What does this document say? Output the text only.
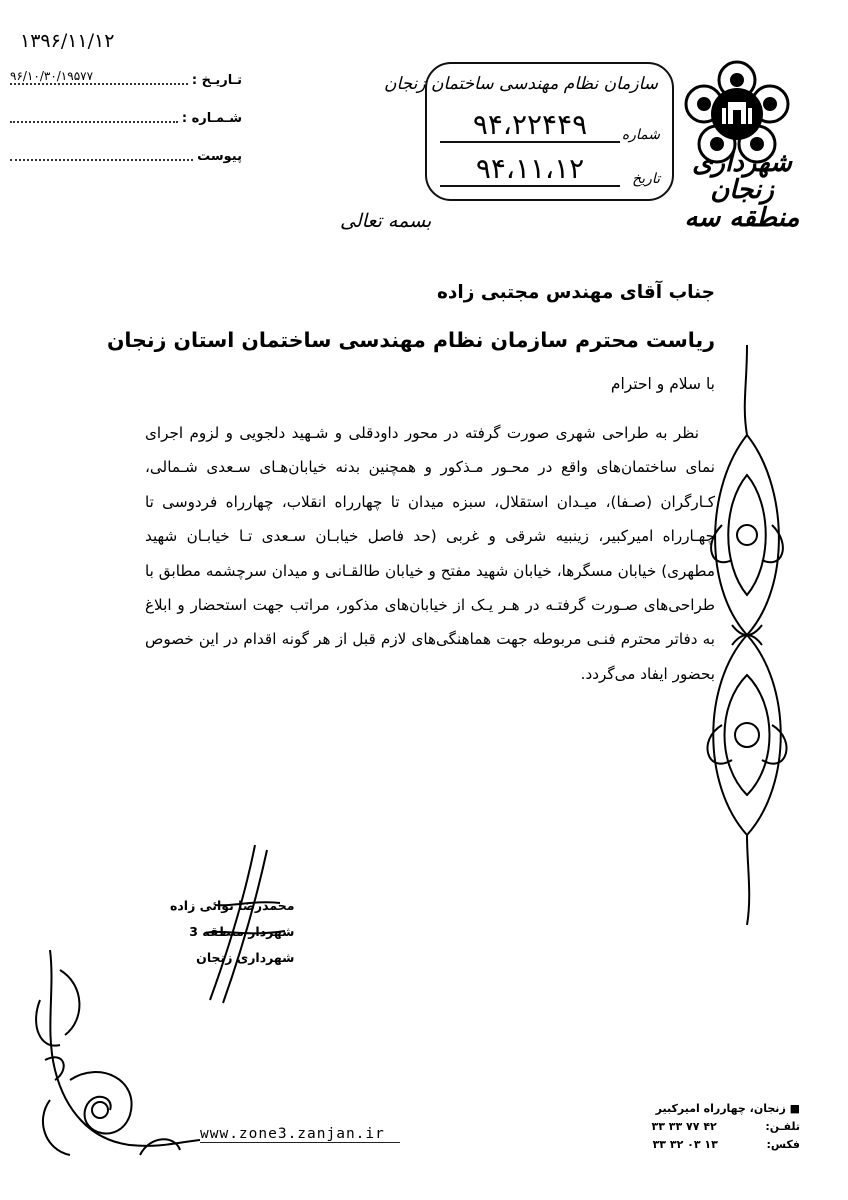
۱۳۹۶/۱۱/۱۲
تـاریـخ :
۹۶/۱۰/۳۰/۱۹۵۷۷
شـمـاره :
پیوست
سازمان نظام مهندسی ساختمان زنجان
شماره
۹۴،۲۲۴۴۹
تاریخ
۹۴،۱۱،۱۲	شهرداری زنجان
منطقه سه
بسمه تعالی
جناب آقای مهندس مجتبی زاده
ریاست محترم سازمان نظام مهندسی ساختمان استان زنجان
با سلام و احترام

نظر به طراحی شهری صورت گرفته در محور داودقلی و شـهید دلجویی و لزوم اجرای نمای ساختمان‌های واقع در محـور مـذکور و همچنین بدنه خیابان‌هـای سـعدی شـمالی، کـارگران (صـفا)، میـدان استقلال، سبزه میدان تا چهارراه انقلاب، چهارراه فردوسی تا چهـارراه امیرکبیر، زینبیه شرقی و غربی (حد فاصل خیابـان سـعدی تـا خیابـان شهید مطهری) خیابان مسگرها، خیابان شهید مفتح و خیابان طالقـانی و میدان سرچشمه مطابق با طراحی‌های صـورت گرفتـه در هـر یـک از خیابان‌های مذکور، مراتب جهت استحضار و ابلاغ به دفاتر محترم فنـی مربوطه جهت هماهنگی‌های لازم قبل از هر گونه اقدام در این خصوص بحضور ایفاد می‌گردد.

محمدرضا نوائی زاده
شهردار منطقه 3
شهرداری زنجان
www.zone3.zanjan.ir
■ زنجان، چهارراه امیرکبیر
تلفـن: ۳۳ ۳۳ ۷۷ ۴۲
فکس: ۳۳ ۳۲ ۰۳ ۱۳
